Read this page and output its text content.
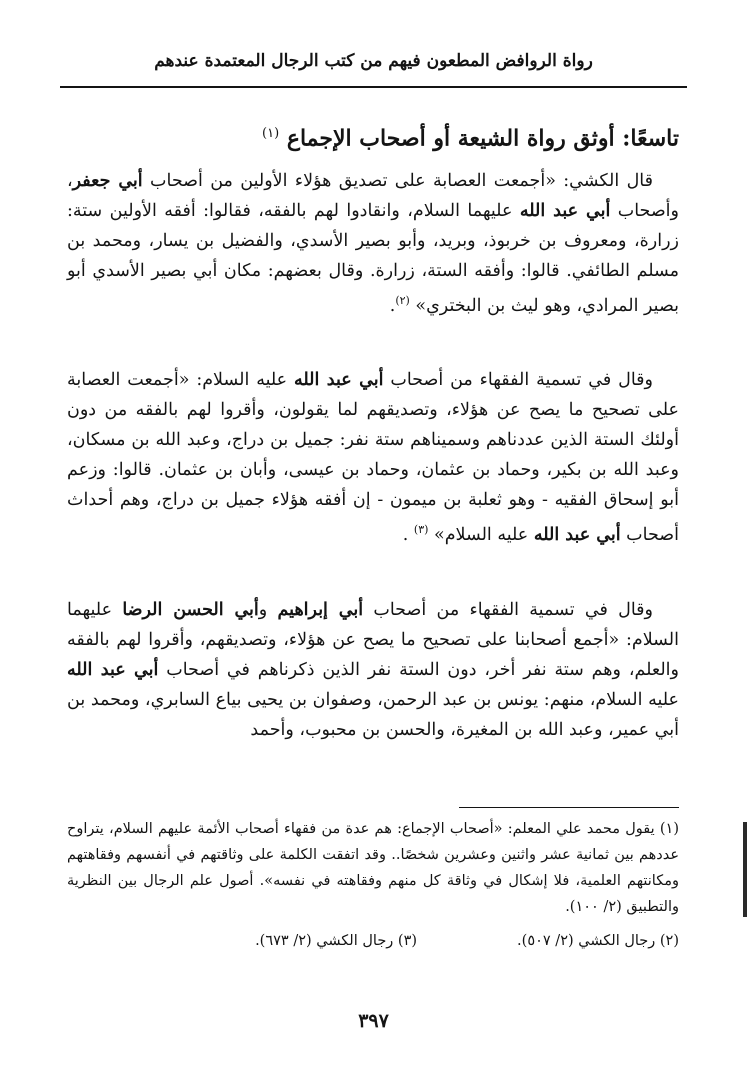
رواة الروافض المطعون فيهم من كتب الرجال المعتمدة عندهم
تاسعًا: أوثق رواة الشيعة أو أصحاب الإجماع $^{(١)}$
قال الكشي: «أجمعت العصابة على تصديق هؤلاء الأولين من أصحاب أبي جعفر، وأصحاب أبي عبد الله عليهما السلام، وانقادوا لهم بالفقه، فقالوا: أفقه الأولين ستة: زرارة، ومعروف بن خربوذ، وبريد، وأبو بصير الأسدي، والفضيل بن يسار، ومحمد بن مسلم الطائفي. قالوا: وأفقه الستة، زرارة. وقال بعضهم: مكان أبي بصير الأسدي أبو بصير المرادي، وهو ليث بن البختري» $^{(٢)}$.
وقال في تسمية الفقهاء من أصحاب أبي عبد الله عليه السلام: «أجمعت العصابة على تصحيح ما يصح عن هؤلاء، وتصديقهم لما يقولون، وأقروا لهم بالفقه من دون أولئك الستة الذين عددناهم وسميناهم ستة نفر: جميل بن دراج، وعبد الله بن مسكان، وعبد الله بن بكير، وحماد بن عثمان، وحماد بن عيسى، وأبان بن عثمان. قالوا: وزعم أبو إسحاق الفقيه - وهو ثعلبة بن ميمون - إن أفقه هؤلاء جميل بن دراج، وهم أحداث أصحاب أبي عبد الله عليه السلام» $^{(٣)}$ .
وقال في تسمية الفقهاء من أصحاب أبي إبراهيم وأبي الحسن الرضا عليهما السلام: «أجمع أصحابنا على تصحيح ما يصح عن هؤلاء، وتصديقهم، وأقروا لهم بالفقه والعلم، وهم ستة نفر أخر، دون الستة نفر الذين ذكرناهم في أصحاب أبي عبد الله عليه السلام، منهم: يونس بن عبد الرحمن، وصفوان بن يحيى بياع السابري، ومحمد بن أبي عمير، وعبد الله بن المغيرة، والحسن بن محبوب، وأحمد
(١) يقول محمد علي المعلم: «أصحاب الإجماع: هم عدة من فقهاء أصحاب الأئمة عليهم السلام، يتراوح عددهم بين ثمانية عشر واثنين وعشرين شخصًا.. وقد اتفقت الكلمة على وثاقتهم في أنفسهم وفقاهتهم ومكانتهم العلمية، فلا إشكال في وثاقة كل منهم وفقاهته في نفسه». أصول علم الرجال بين النظرية والتطبيق (٢/ ١٠٠).
(٢) رجال الكشي (٢/ ٥٠٧).
(٣) رجال الكشي (٢/ ٦٧٣).
٣٩٧
